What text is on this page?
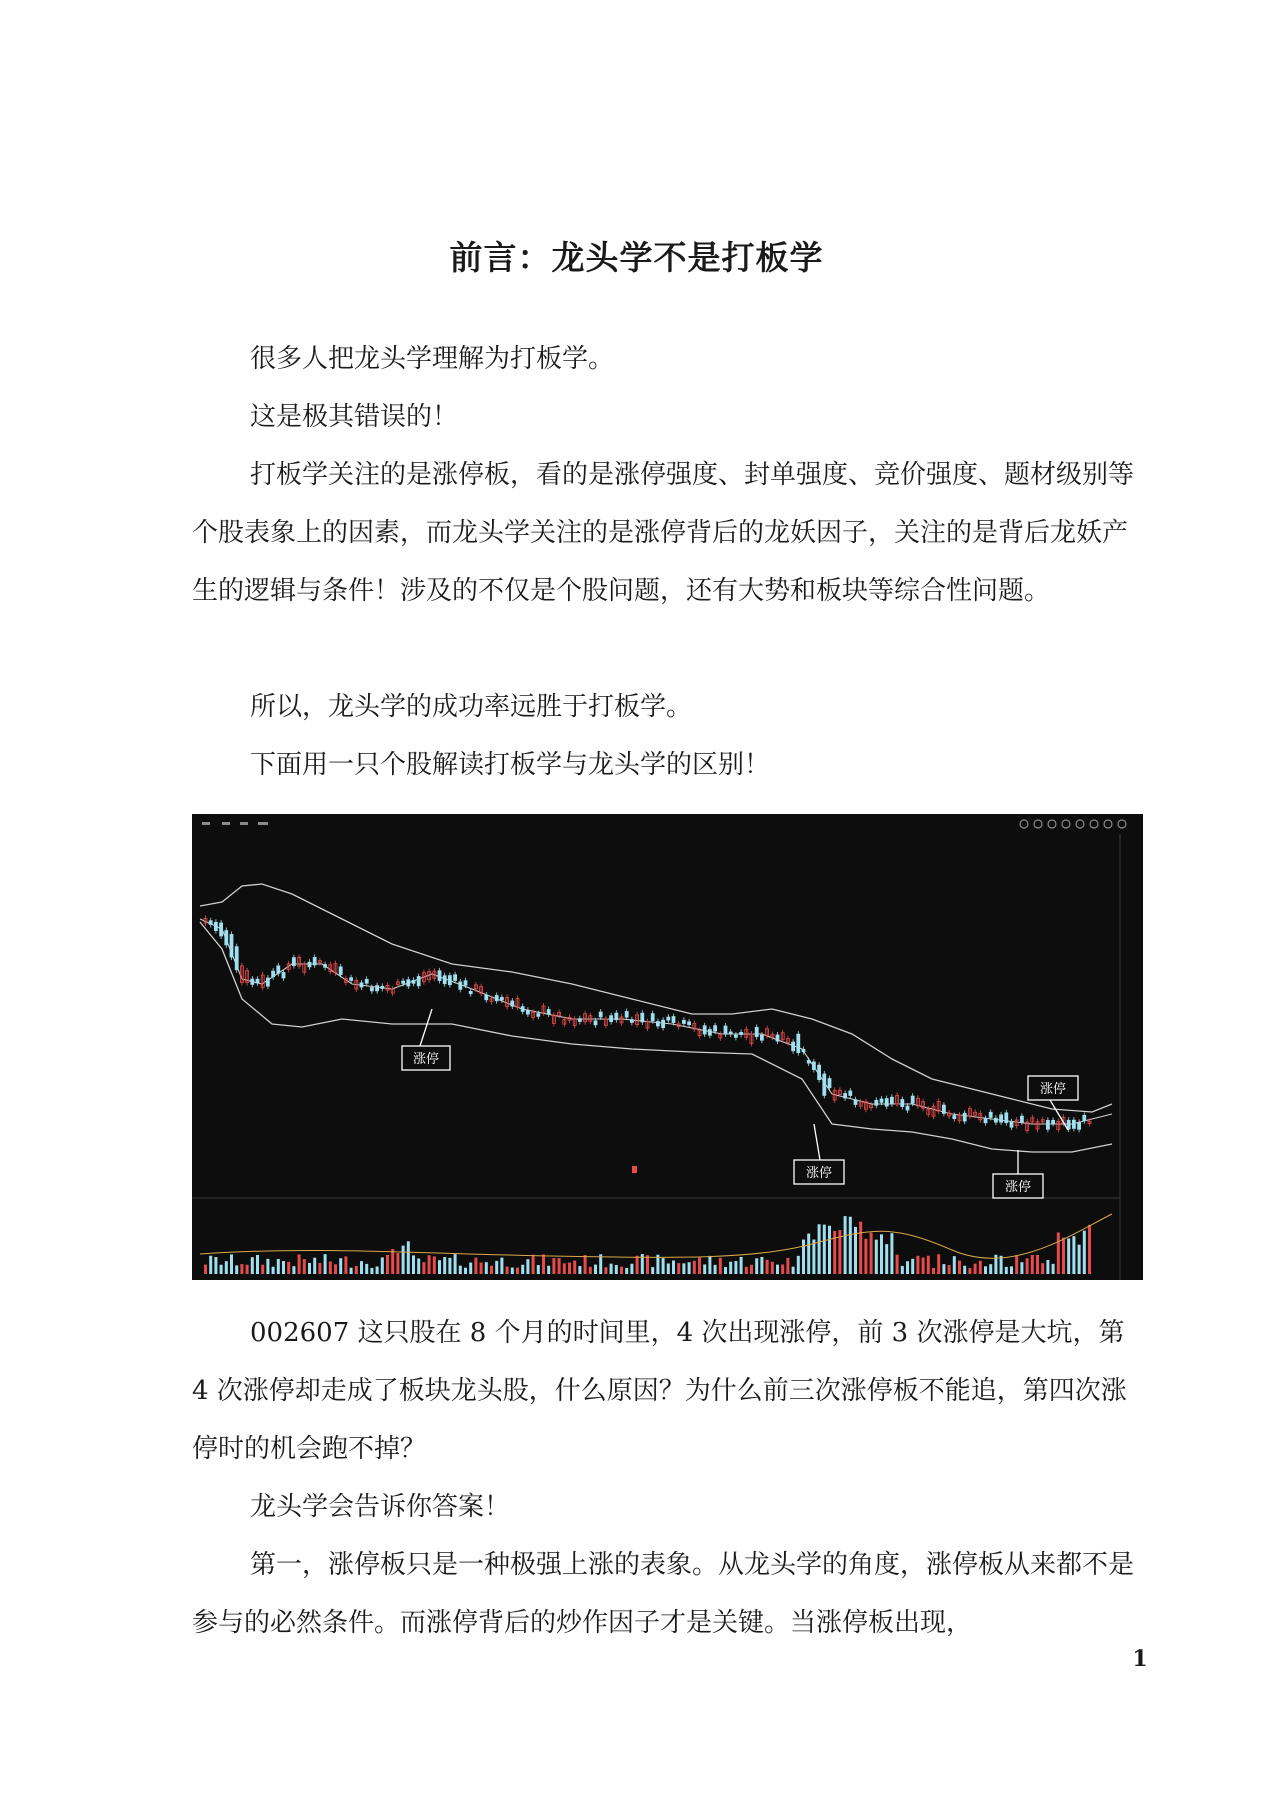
前言：龙头学不是打板学

很多人把龙头学理解为打板学。

这是极其错误的！

打板学关注的是涨停板，看的是涨停强度、封单强度、竞价强度、题材级别等个股表象上的因素，而龙头学关注的是涨停背后的龙妖因子，关注的是背后龙妖产生的逻辑与条件！涉及的不仅是个股问题，还有大势和板块等综合性问题。

所以，龙头学的成功率远胜于打板学。

下面用一只个股解读打板学与龙头学的区别！

涨停
涨停
涨停
涨停

002607 这只股在 8 个月的时间里，4 次出现涨停，前 3 次涨停是大坑，第 4 次涨停却走成了板块龙头股，什么原因？为什么前三次涨停板不能追，第四次涨停时的机会跑不掉？

龙头学会告诉你答案！

第一，涨停板只是一种极强上涨的表象。从龙头学的角度，涨停板从来都不是参与的必然条件。而涨停背后的炒作因子才是关键。当涨停板出现，

1
